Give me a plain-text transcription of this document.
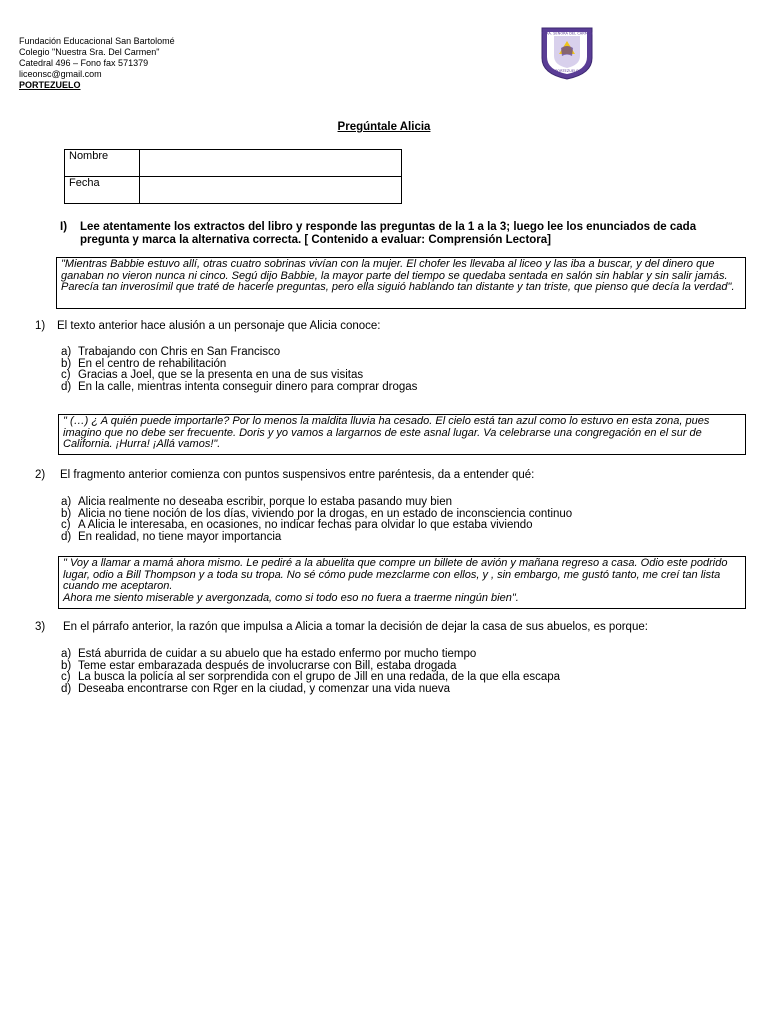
Fundación Educacional San Bartolomé
Colegio "Nuestra Sra. Del Carmen"
Catedral 496 – Fono fax 571379
liceonsc@gmail.com
PORTEZUELO
NTRA. SEÑORA DEL CARMEN
PORTEZUELO
Pregúntale Alicia
Nombre	
Fecha	
I) Lee atentamente los extractos del libro y responde las preguntas de la 1 a la 3; luego lee los enunciados de cada pregunta y marca la alternativa correcta. [ Contenido a evaluar: Comprensión Lectora]
"Mientras Babbie estuvo allí, otras cuatro sobrinas vivían con la mujer. El chofer les llevaba al liceo y las iba a buscar, y del dinero que ganaban no vieron nunca ni cinco. Segú dijo Babbie, la mayor parte del tiempo se quedaba sentada en salón sin hablar y sin salir jamás. Parecía tan inverosímil que traté de hacerle preguntas, pero ella siguió hablando tan distante y tan triste, que pienso que decía la verdad".
1) El texto anterior hace alusión a un personaje que Alicia conoce:
a) Trabajando con Chris en San Francisco
b) En el centro de rehabilitación
c) Gracias a Joel, que se la presenta en una de sus visitas
d) En la calle, mientras intenta conseguir dinero para comprar drogas
" (…) ¿ A quién puede importarle? Por lo menos la maldita lluvia ha cesado. El cielo está tan azul como lo estuvo en esta zona, pues imagino que no debe ser frecuente. Doris y yo vamos a largarnos de este asnal lugar. Va celebrarse una congregación en el sur de California. ¡Hurra! ¡Allá vamos!".
2) El fragmento anterior comienza con puntos suspensivos entre paréntesis, da a entender qué:
a) Alicia realmente no deseaba escribir, porque lo estaba pasando muy bien
b) Alicia no tiene noción de los días, viviendo por la drogas, en un estado de inconsciencia continuo
c) A Alicia le interesaba, en ocasiones, no indicar fechas para olvidar lo que estaba viviendo
d) En realidad, no tiene mayor importancia
" Voy a llamar a mamá ahora mismo. Le pediré a la abuelita que compre un billete de avión y mañana regreso a casa. Odio este podrido lugar, odio a Bill Thompson y a toda su tropa. No sé cómo pude mezclarme con ellos, y , sin embargo, me gustó tanto, me creí tan lista cuando me aceptaron.
Ahora me siento miserable y avergonzada, como si todo eso no fuera a traerme ningún bien".
3) En el párrafo anterior, la razón que impulsa a Alicia a tomar la decisión de dejar la casa de sus abuelos, es porque:
a) Está aburrida de cuidar a su abuelo que ha estado enfermo por mucho tiempo
b) Teme estar embarazada después de involucrarse con Bill, estaba drogada
c) La busca la policía al ser sorprendida con el grupo de Jill en una redada, de la que ella escapa
d) Deseaba encontrarse con Rger en la ciudad, y comenzar una vida nueva
